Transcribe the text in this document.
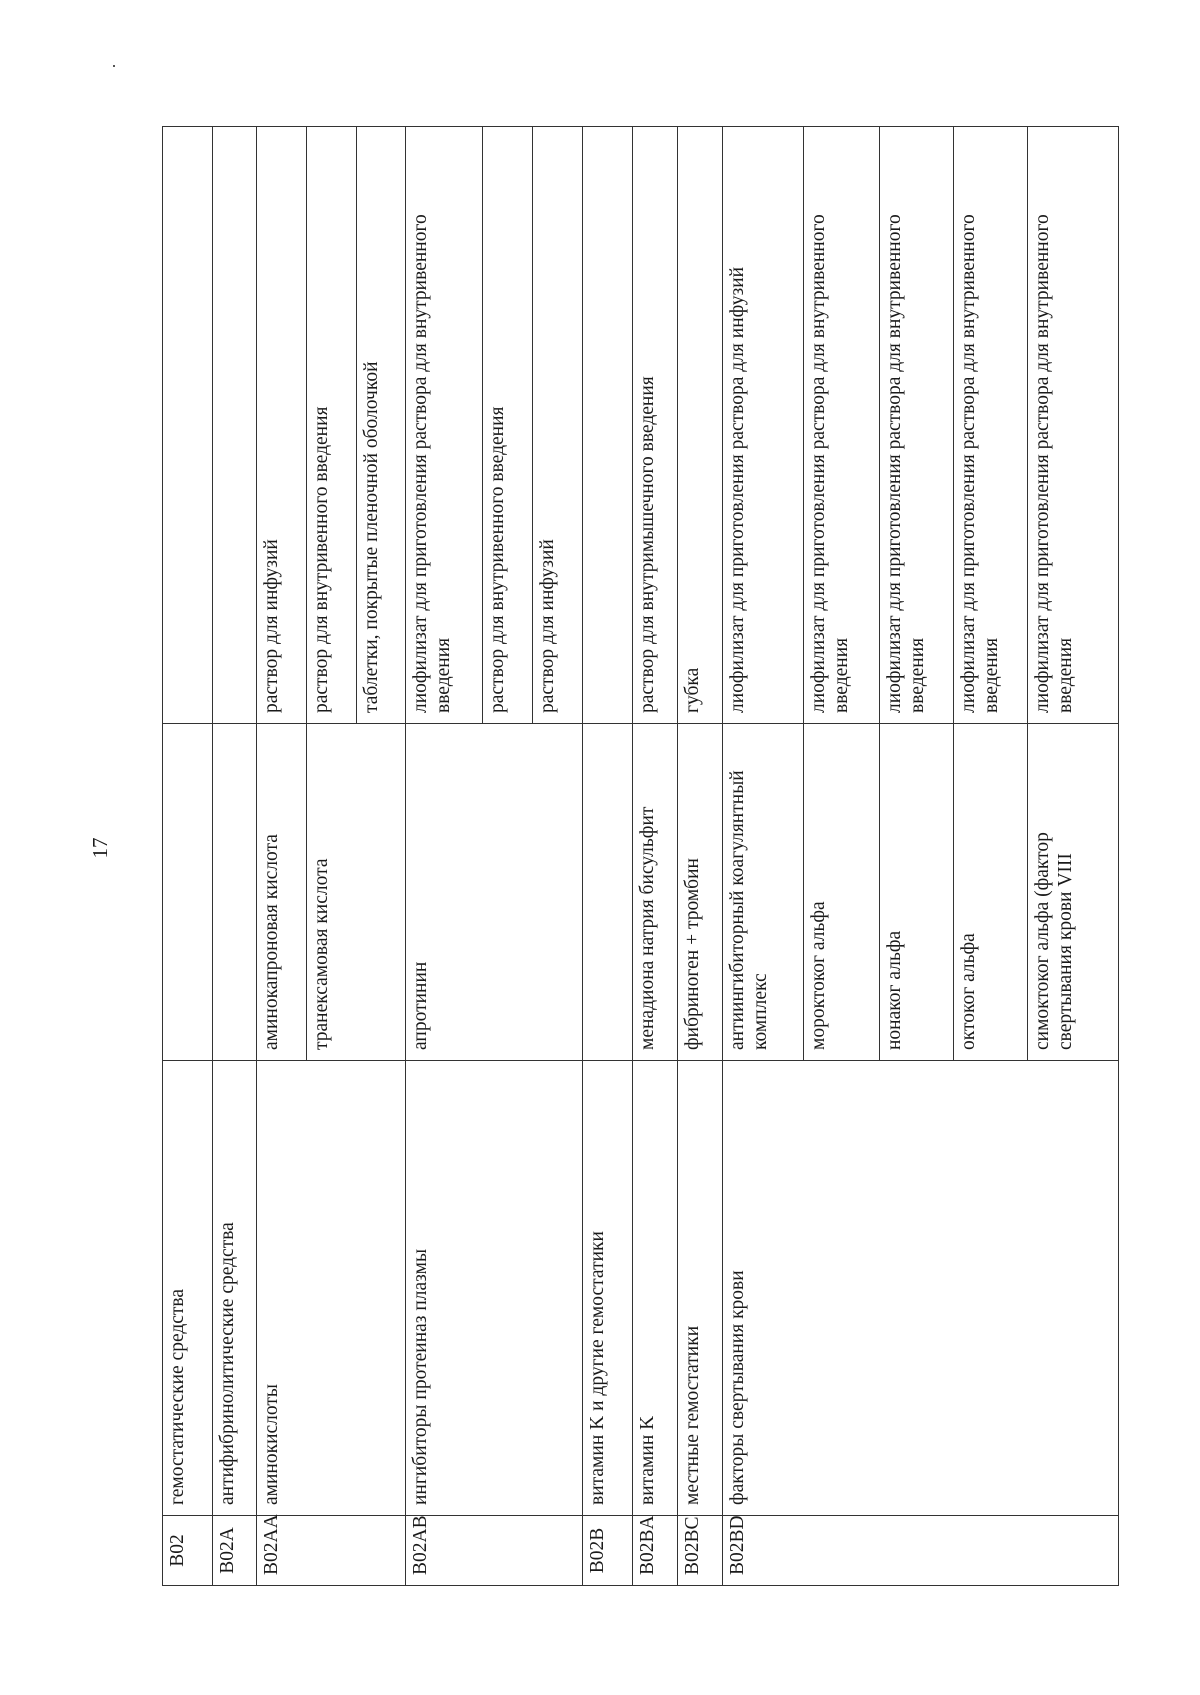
17
B02	гемостатические средства		
B02A	антифибринолитические средства		
B02AA	аминокислоты	аминокапроновая кислота	раствор для инфузий
		транексамовая кислота	раствор для внутривенного введения
			таблетки, покрытые пленочной оболочкой
B02AB	ингибиторы протеиназ плазмы	апротинин	лиофилизат для приготовления раствора для внутривенного введения
			раствор для внутривенного введения
			раствор для инфузий
B02B	витамин K и другие гемостатики		
B02BA	витамин K	менадиона натрия бисульфит	раствор для внутримышечного введения
B02BC	местные гемостатики	фибриноген + тромбин	губка
B02BD	факторы свертывания крови	антиингибиторный коагулянтный комплекс	лиофилизат для приготовления раствора для инфузий
		мороктоког альфа	лиофилизат для приготовления раствора для внутривенного введения
		нонаког альфа	лиофилизат для приготовления раствора для внутривенного введения
		октоког альфа	лиофилизат для приготовления раствора для внутривенного введения
		симоктоког альфа (фактор свертывания крови VIII	лиофилизат для приготовления раствора для внутривенного введения
